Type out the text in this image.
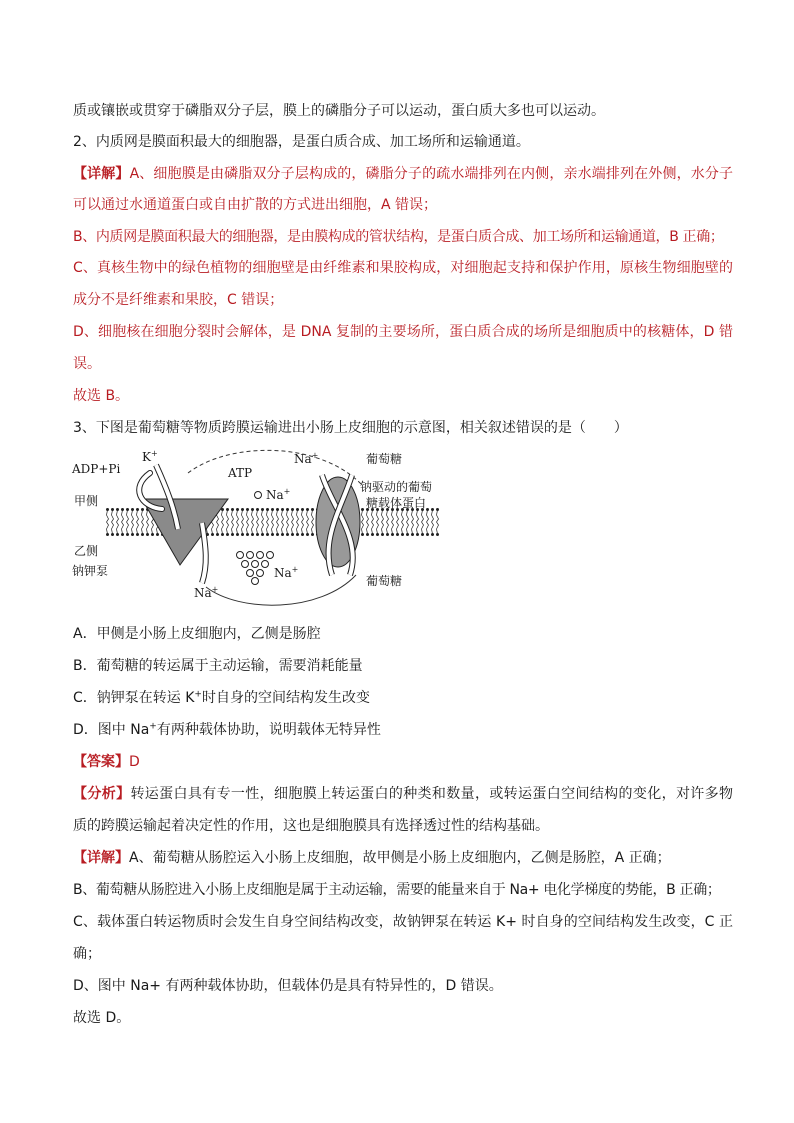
质或镶嵌或贯穿于磷脂双分子层，膜上的磷脂分子可以运动，蛋白质大多也可以运动。
2、内质网是膜面积最大的细胞器，是蛋白质合成、加工场所和运输通道。
【详解】A、细胞膜是由磷脂双分子层构成的，磷脂分子的疏水端排列在内侧，亲水端排列在外侧，水分子
可以通过水通道蛋白或自由扩散的方式进出细胞，A 错误；
B、内质网是膜面积最大的细胞器，是由膜构成的管状结构，是蛋白质合成、加工场所和运输通道，B 正确；
C、真核生物中的绿色植物的细胞壁是由纤维素和果胶构成，对细胞起支持和保护作用，原核生物细胞壁的
成分不是纤维素和果胶，C 错误；
D、细胞核在细胞分裂时会解体，是 DNA 复制的主要场所，蛋白质合成的场所是细胞质中的核糖体，D 错
误。
故选 B。
3、下图是葡萄糖等物质跨膜运输进出小肠上皮细胞的示意图，相关叙述错误的是（　　）
ADP+Pi
K+
ATP
Na+
Na+
Na+
Na+
葡萄糖
钠驱动的葡萄
糖载体蛋白
甲侧
乙侧
钠钾泵
葡萄糖
A．甲侧是小肠上皮细胞内，乙侧是肠腔
B．葡萄糖的转运属于主动运输，需要消耗能量
C．钠钾泵在转运 K+时自身的空间结构发生改变
D．图中 Na+有两种载体协助，说明载体无特异性
【答案】D
【分析】转运蛋白具有专一性，细胞膜上转运蛋白的种类和数量，或转运蛋白空间结构的变化，对许多物
质的跨膜运输起着决定性的作用，这也是细胞膜具有选择透过性的结构基础。
【详解】A、葡萄糖从肠腔运入小肠上皮细胞，故甲侧是小肠上皮细胞内，乙侧是肠腔，A 正确；
B、葡萄糖从肠腔进入小肠上皮细胞是属于主动运输，需要的能量来自于 Na+ 电化学梯度的势能，B 正确；
C、载体蛋白转运物质时会发生自身空间结构改变，故钠钾泵在转运 K+ 时自身的空间结构发生改变，C 正
确；
D、图中 Na+ 有两种载体协助，但载体仍是具有特异性的，D 错误。
故选 D。
